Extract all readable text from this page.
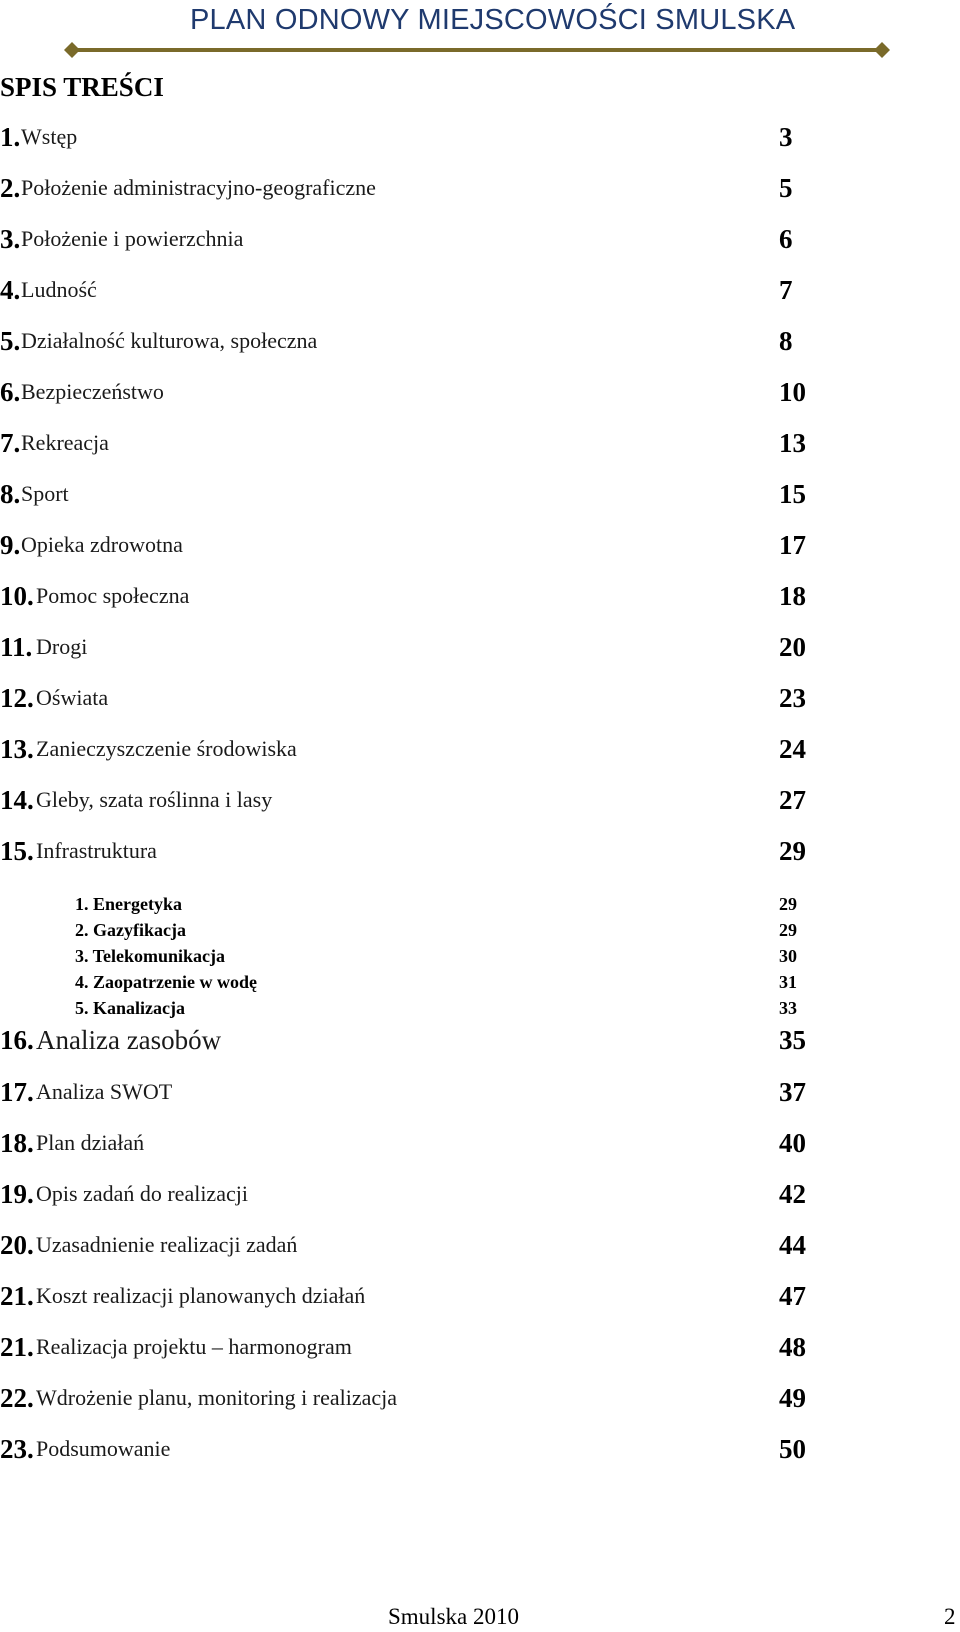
PLAN ODNOWY MIEJSCOWOŚCI SMULSKA
SPIS TREŚCI
1. Wstęp	3
2. Położenie administracyjno-geograficzne	5
3. Położenie i powierzchnia	6
4. Ludność	7
5. Działalność kulturowa, społeczna	8
6. Bezpieczeństwo	10
7. Rekreacja	13
8. Sport	15
9. Opieka zdrowotna	17
10. Pomoc społeczna	18
11. Drogi	20
12. Oświata	23
13. Zanieczyszczenie środowiska	24
14. Gleby, szata roślinna i lasy	27
15. Infrastruktura	29
1. Energetyka	29
2. Gazyfikacja	29
3. Telekomunikacja	30
4. Zaopatrzenie w wodę	31
5. Kanalizacja	33
16. Analiza zasobów	35
17. Analiza SWOT	37
18. Plan działań	40
19. Opis zadań do realizacji	42
20. Uzasadnienie realizacji zadań	44
21. Koszt realizacji planowanych działań	47
21. Realizacja projektu – harmonogram	48
22. Wdrożenie planu, monitoring i realizacja	49
23. Podsumowanie	50
Smulska 2010	2
